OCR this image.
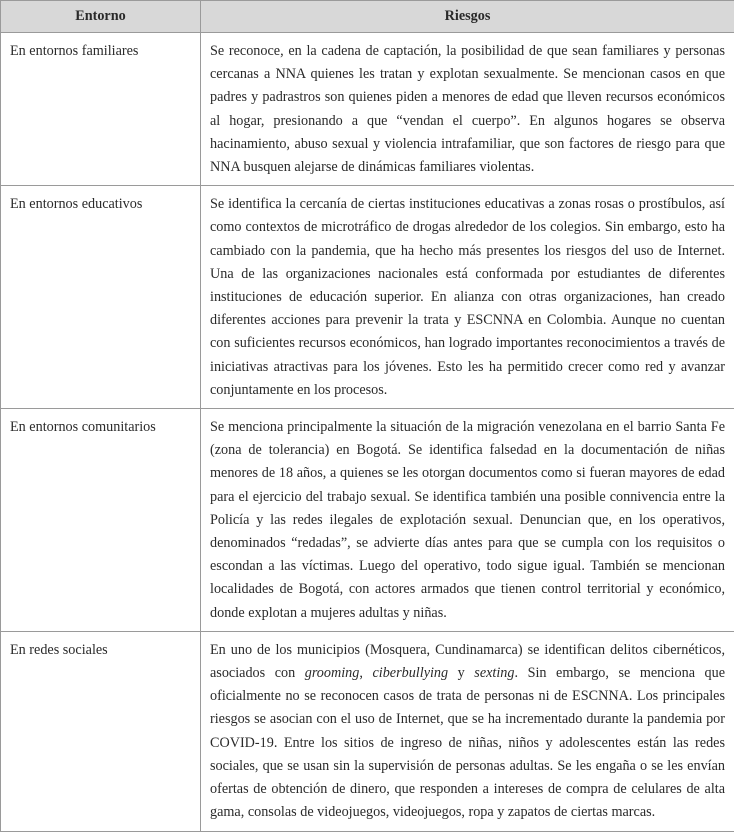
Entorno	Riesgos
En entornos familiares	Se reconoce, en la cadena de captación, la posibilidad de que sean familiares y personas cercanas a NNA quienes les tratan y explotan sexualmente. Se mencionan casos en que padres y padrastros son quienes piden a menores de edad que lleven recursos económicos al hogar, presionando a que “vendan el cuerpo”. En algunos hogares se observa hacinamiento, abuso sexual y violencia intrafamiliar, que son factores de riesgo para que NNA busquen alejarse de dinámicas familiares violentas.
En entornos educativos	Se identifica la cercanía de ciertas instituciones educativas a zonas rosas o prostíbulos, así como contextos de microtráfico de drogas alrededor de los colegios. Sin embargo, esto ha cambiado con la pandemia, que ha hecho más presentes los riesgos del uso de Internet. Una de las organizaciones nacionales está conformada por estudiantes de diferentes instituciones de educación superior. En alianza con otras organizaciones, han creado diferentes acciones para prevenir la trata y ESCNNA en Colombia. Aunque no cuentan con suficientes recursos económicos, han logrado importantes reconocimientos a través de iniciativas atractivas para los jóvenes. Esto les ha permitido crecer como red y avanzar conjuntamente en los procesos.
En entornos comunitarios	Se menciona principalmente la situación de la migración venezolana en el barrio Santa Fe (zona de tolerancia) en Bogotá. Se identifica falsedad en la documentación de niñas menores de 18 años, a quienes se les otorgan documentos como si fueran mayores de edad para el ejercicio del trabajo sexual. Se identifica también una posible connivencia entre la Policía y las redes ilegales de explotación sexual. Denuncian que, en los operativos, denominados “redadas”, se advierte días antes para que se cumpla con los requisitos o escondan a las víctimas. Luego del operativo, todo sigue igual. También se mencionan localidades de Bogotá, con actores armados que tienen control territorial y económico, donde explotan a mujeres adultas y niñas.
En redes sociales	En uno de los municipios (Mosquera, Cundinamarca) se identifican delitos cibernéticos, asociados con grooming, ciberbullying y sexting. Sin embargo, se menciona que oficialmente no se reconocen casos de trata de personas ni de ESCNNA. Los principales riesgos se asocian con el uso de Internet, que se ha incrementado durante la pandemia por COVID-19. Entre los sitios de ingreso de niñas, niños y adolescentes están las redes sociales, que se usan sin la supervisión de personas adultas. Se les engaña o se les envían ofertas de obtención de dinero, que responden a intereses de compra de celulares de alta gama, consolas de videojuegos, videojuegos, ropa y zapatos de ciertas marcas.
